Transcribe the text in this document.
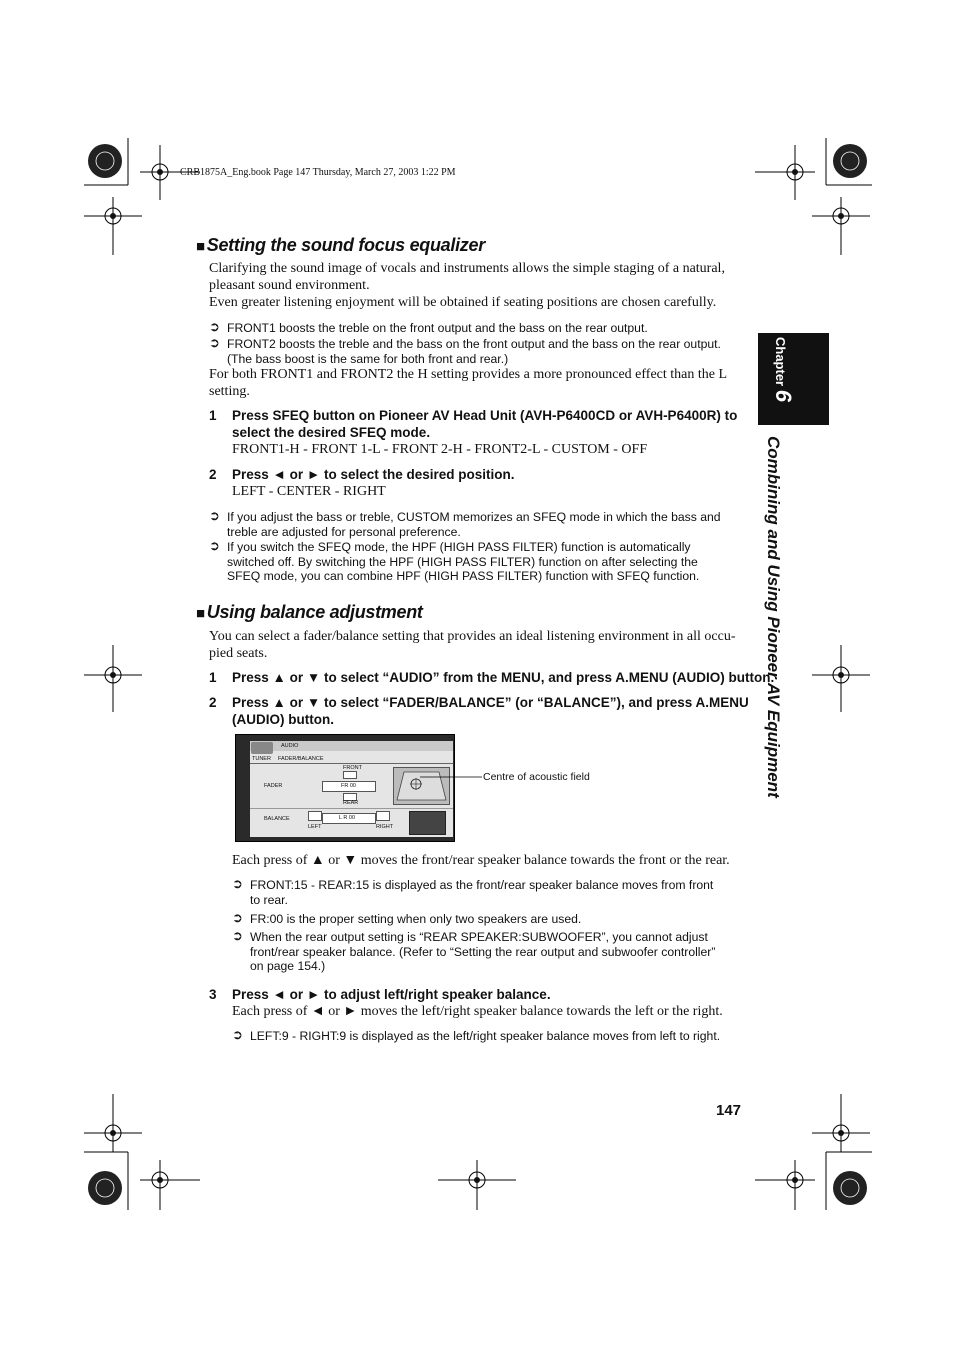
CRB1875A_Eng.book Page 147 Thursday, March 27, 2003 1:22 PM
■ Setting the sound focus equalizer
Clarifying the sound image of vocals and instruments allows the simple staging of a natural,
pleasant sound environment.
Even greater listening enjoyment will be obtained if seating positions are chosen carefully.
➲ FRONT1 boosts the treble on the front output and the bass on the rear output.
➲ FRONT2 boosts the treble and the bass on the front output and the bass on the rear output.
(The bass boost is the same for both front and rear.)
For both FRONT1 and FRONT2 the H setting provides a more pronounced effect than the L
setting.
1 Press SFEQ button on Pioneer AV Head Unit (AVH-P6400CD or AVH-P6400R) to
select the desired SFEQ mode.
FRONT1-H - FRONT 1-L - FRONT 2-H - FRONT2-L - CUSTOM - OFF
2 Press ◄ or ► to select the desired position.
LEFT - CENTER - RIGHT
➲ If you adjust the bass or treble, CUSTOM memorizes an SFEQ mode in which the bass and
treble are adjusted for personal preference.
➲ If you switch the SFEQ mode, the HPF (HIGH PASS FILTER) function is automatically
switched off. By switching the HPF (HIGH PASS FILTER) function on after selecting the
SFEQ mode, you can combine HPF (HIGH PASS FILTER) function with SFEQ function.
■ Using balance adjustment
You can select a fader/balance setting that provides an ideal listening environment in all occu-
pied seats.
1 Press ▲ or ▼ to select “AUDIO” from the MENU, and press A.MENU (AUDIO) button.
2 Press ▲ or ▼ to select “FADER/BALANCE” (or “BALANCE”), and press A.MENU
(AUDIO) button.
AUDIO
TUNER FADER/BALANCE
FRONT
FADER	FR 00
REAR
BALANCE	L R 00
LEFT	RIGHT
Centre of acoustic field
Each press of ▲ or ▼ moves the front/rear speaker balance towards the front or the rear.
➲ FRONT:15 - REAR:15 is displayed as the front/rear speaker balance moves from front
to rear.
➲ FR:00 is the proper setting when only two speakers are used.
➲ When the rear output setting is “REAR SPEAKER:SUBWOOFER”, you cannot adjust
front/rear speaker balance. (Refer to “Setting the rear output and subwoofer controller”
on page 154.)
3 Press ◄ or ► to adjust left/right speaker balance.
Each press of ◄ or ► moves the left/right speaker balance towards the left or the right.
➲ LEFT:9 - RIGHT:9 is displayed as the left/right speaker balance moves from left to right.
Chapter 6
Combining and Using Pioneer AV Equipment
147
